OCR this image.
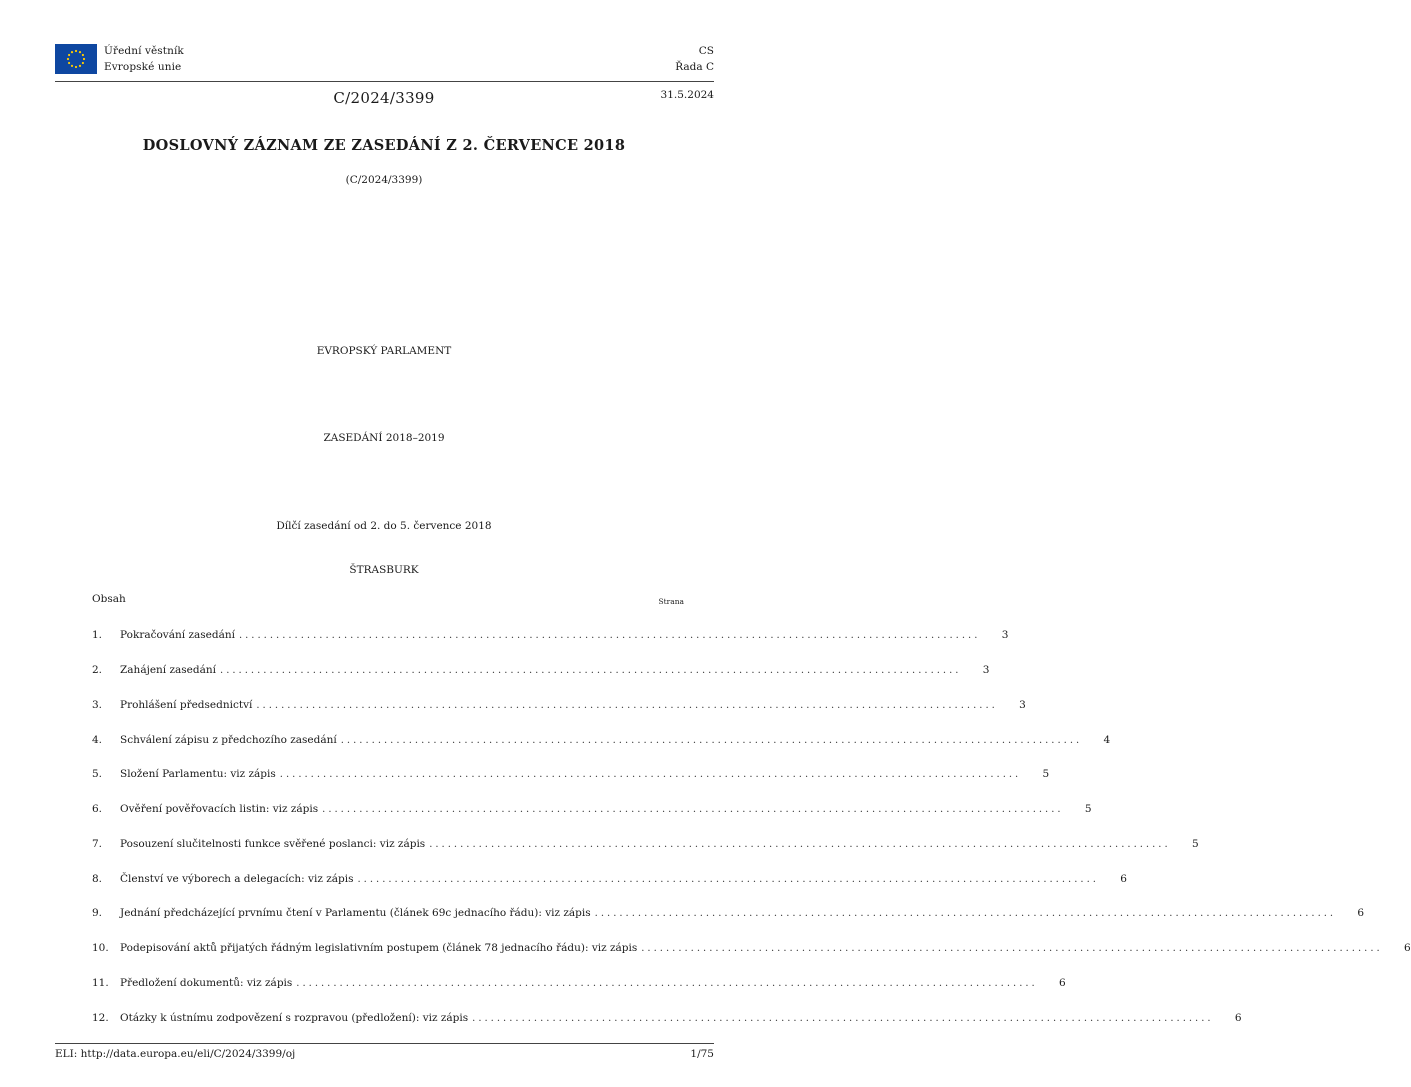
Úřední věstník
Evropské unie
CS
Řada C
C/2024/3399	31.5.2024
DOSLOVNÝ ZÁZNAM ZE ZASEDÁNÍ Z 2. ČERVENCE 2018
(C/2024/3399)
EVROPSKÝ PARLAMENT
ZASEDÁNÍ 2018–2019
Dílčí zasedání od 2. do 5. července 2018
ŠTRASBURK
Obsah	Strana
1.	Pokračování zasedání ........................................................................................................................	3
2.	Zahájení zasedání ........................................................................................................................	3
3.	Prohlášení předsednictví ........................................................................................................................	3
4.	Schválení zápisu z předchozího zasedání ........................................................................................................................	4
5.	Složení Parlamentu: viz zápis ........................................................................................................................	5
6.	Ověření pověřovacích listin: viz zápis ........................................................................................................................	5
7.	Posouzení slučitelnosti funkce svěřené poslanci: viz zápis ........................................................................................................................	5
8.	Členství ve výborech a delegacích: viz zápis ........................................................................................................................	6
9.	Jednání předcházející prvnímu čtení v Parlamentu (článek 69c jednacího řádu): viz zápis ........................................................................................................................	6
10.	Podepisování aktů přijatých řádným legislativním postupem (článek 78 jednacího řádu): viz zápis ........................................................................................................................	6
11.	Předložení dokumentů: viz zápis ........................................................................................................................	6
12.	Otázky k ústnímu zodpovězení s rozpravou (předložení): viz zápis ........................................................................................................................	6
ELI: http://data.europa.eu/eli/C/2024/3399/oj	1/75
